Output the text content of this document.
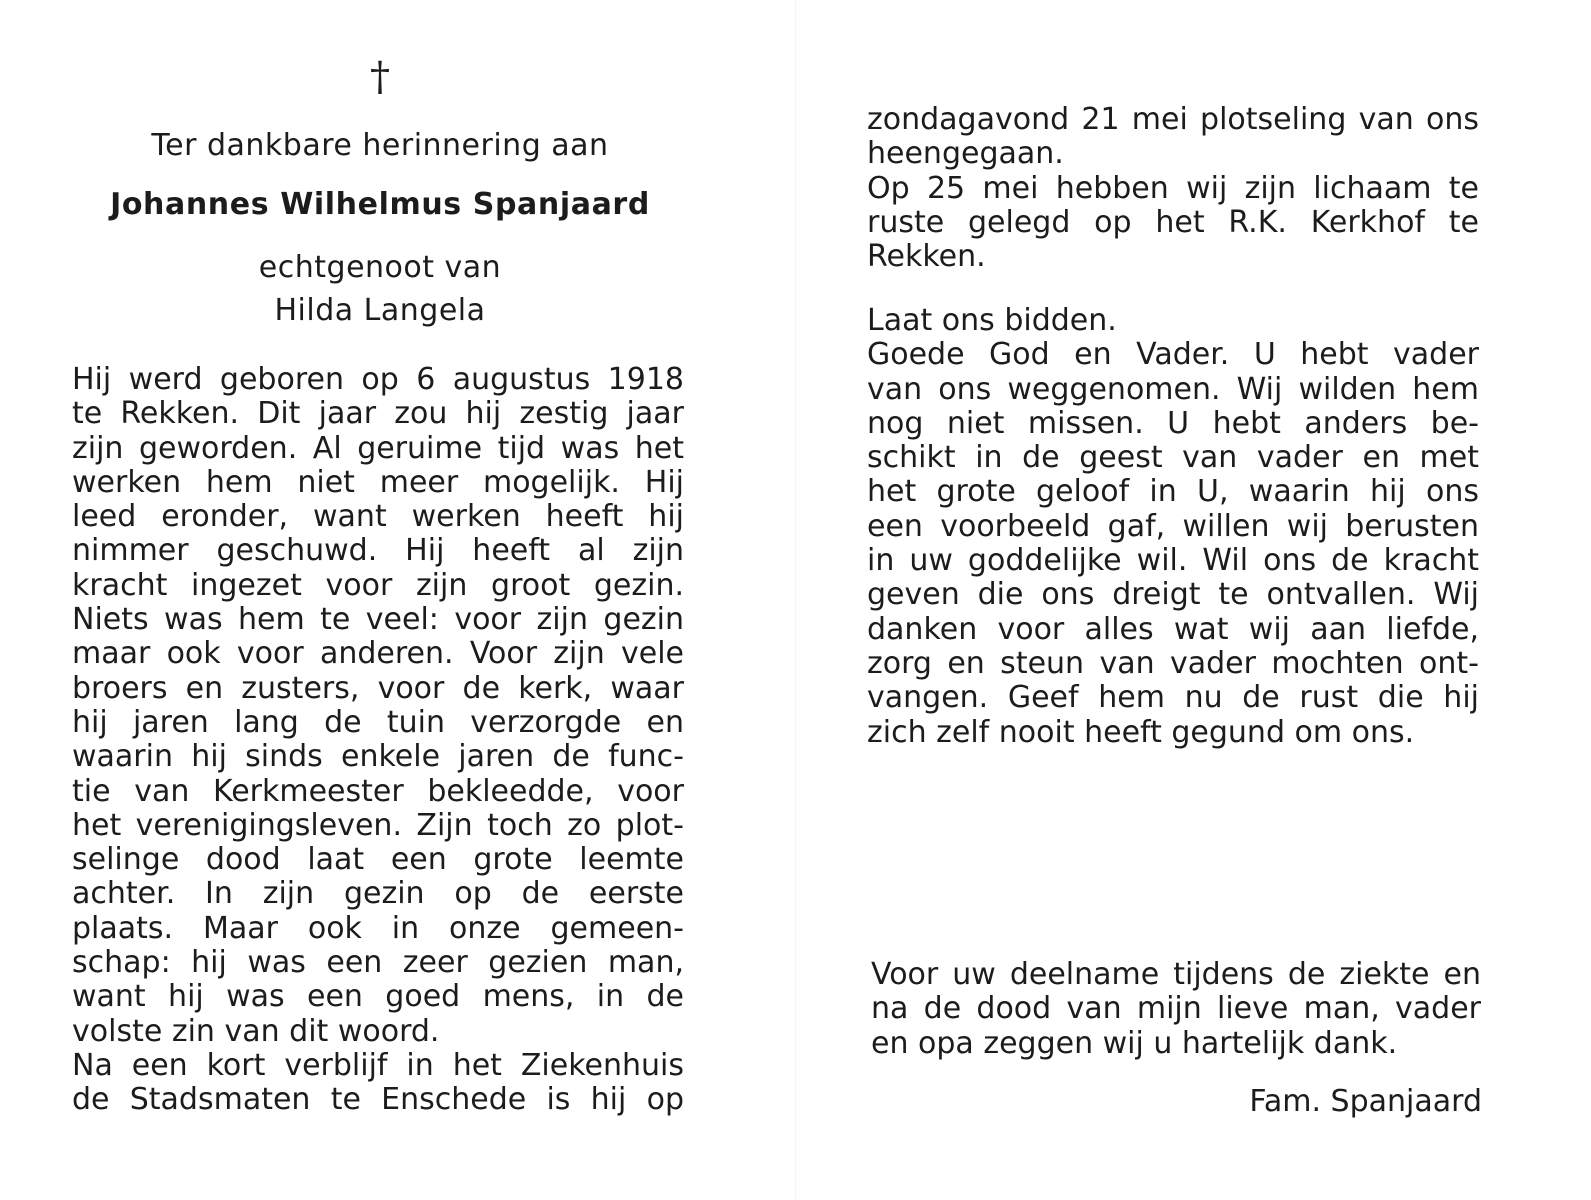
†
Ter dankbare herinnering aan
Johannes Wilhelmus Spanjaard
echtgenoot van
Hilda Langela
Hij werd geboren op 6 augustus 1918
te Rekken. Dit jaar zou hij zestig jaar
zijn geworden. Al geruime tijd was het
werken hem niet meer mogelijk. Hij
leed eronder, want werken heeft hij
nimmer geschuwd. Hij heeft al zijn
kracht ingezet voor zijn groot gezin.
Niets was hem te veel: voor zijn gezin
maar ook voor anderen. Voor zijn vele
broers en zusters, voor de kerk, waar
hij jaren lang de tuin verzorgde en
waarin hij sinds enkele jaren de func-
tie van Kerkmeester bekleedde, voor
het verenigingsleven. Zijn toch zo plot-
selinge dood laat een grote leemte
achter. In zijn gezin op de eerste
plaats. Maar ook in onze gemeen-
schap: hij was een zeer gezien man,
want hij was een goed mens, in de
volste zin van dit woord.
Na een kort verblijf in het Ziekenhuis
de Stadsmaten te Enschede is hij op
zondagavond 21 mei plotseling van ons
heengegaan.
Op 25 mei hebben wij zijn lichaam te
ruste gelegd op het R.K. Kerkhof te
Rekken.
Laat ons bidden.
Goede God en Vader. U hebt vader
van ons weggenomen. Wij wilden hem
nog niet missen. U hebt anders be-
schikt in de geest van vader en met
het grote geloof in U, waarin hij ons
een voorbeeld gaf, willen wij berusten
in uw goddelijke wil. Wil ons de kracht
geven die ons dreigt te ontvallen. Wij
danken voor alles wat wij aan liefde,
zorg en steun van vader mochten ont-
vangen. Geef hem nu de rust die hij
zich zelf nooit heeft gegund om ons.
Voor uw deelname tijdens de ziekte en
na de dood van mijn lieve man, vader
en opa zeggen wij u hartelijk dank.
Fam. Spanjaard
